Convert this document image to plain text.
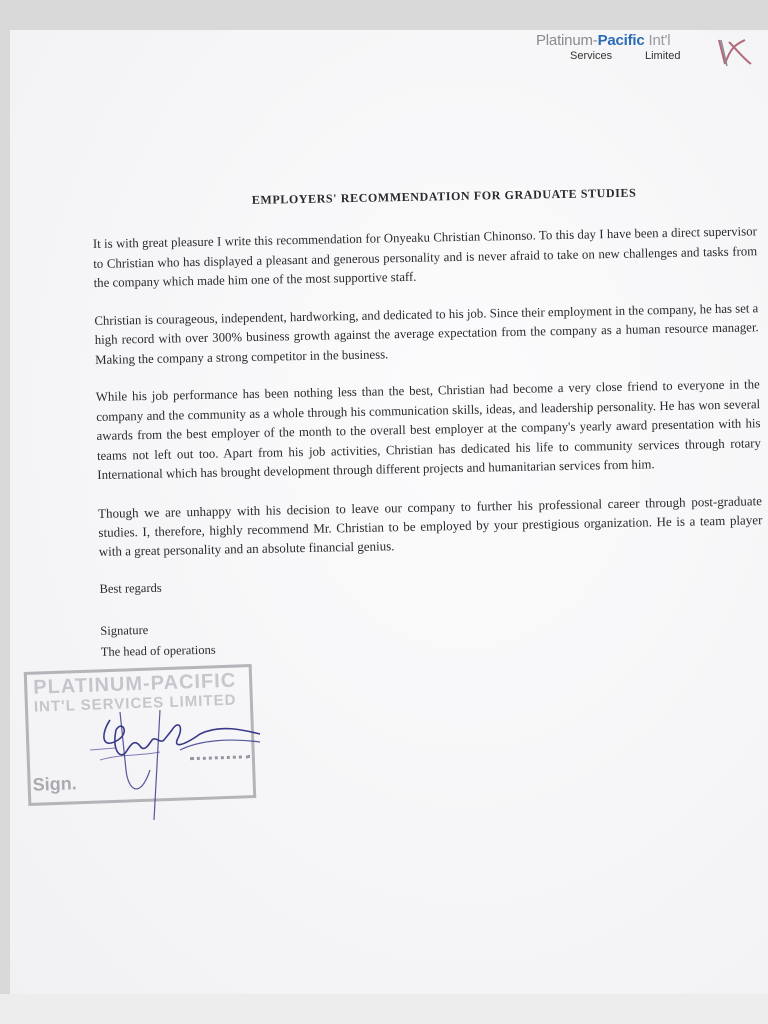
Platinum-Pacific Int'l
Services	Limited
EMPLOYERS' RECOMMENDATION FOR GRADUATE STUDIES

It is with great pleasure I write this recommendation for Onyeaku Christian Chinonso. To this day I have been a direct supervisor to Christian who has displayed a pleasant and generous personality and is never afraid to take on new challenges and tasks from the company which made him one of the most supportive staff.

Christian is courageous, independent, hardworking, and dedicated to his job. Since their employment in the company, he has set a high record with over 300% business growth against the average expectation from the company as a human resource manager. Making the company a strong competitor in the business.

While his job performance has been nothing less than the best, Christian had become a very close friend to everyone in the company and the community as a whole through his communication skills, ideas, and leadership personality. He has won several awards from the best employer of the month to the overall best employer at the company's yearly award presentation with his teams not left out too. Apart from his job activities, Christian has dedicated his life to community services through rotary International which has brought development through different projects and humanitarian services from him.

Though we are unhappy with his decision to leave our company to further his professional career through post-graduate studies. I, therefore, highly recommend Mr. Christian to be employed by your prestigious organization. He is a team player with a great personality and an absolute financial genius.

Best regards
Signature
The head of operations
PLATINUM-PACIFIC
INT'L SERVICES LIMITED
Sign.
